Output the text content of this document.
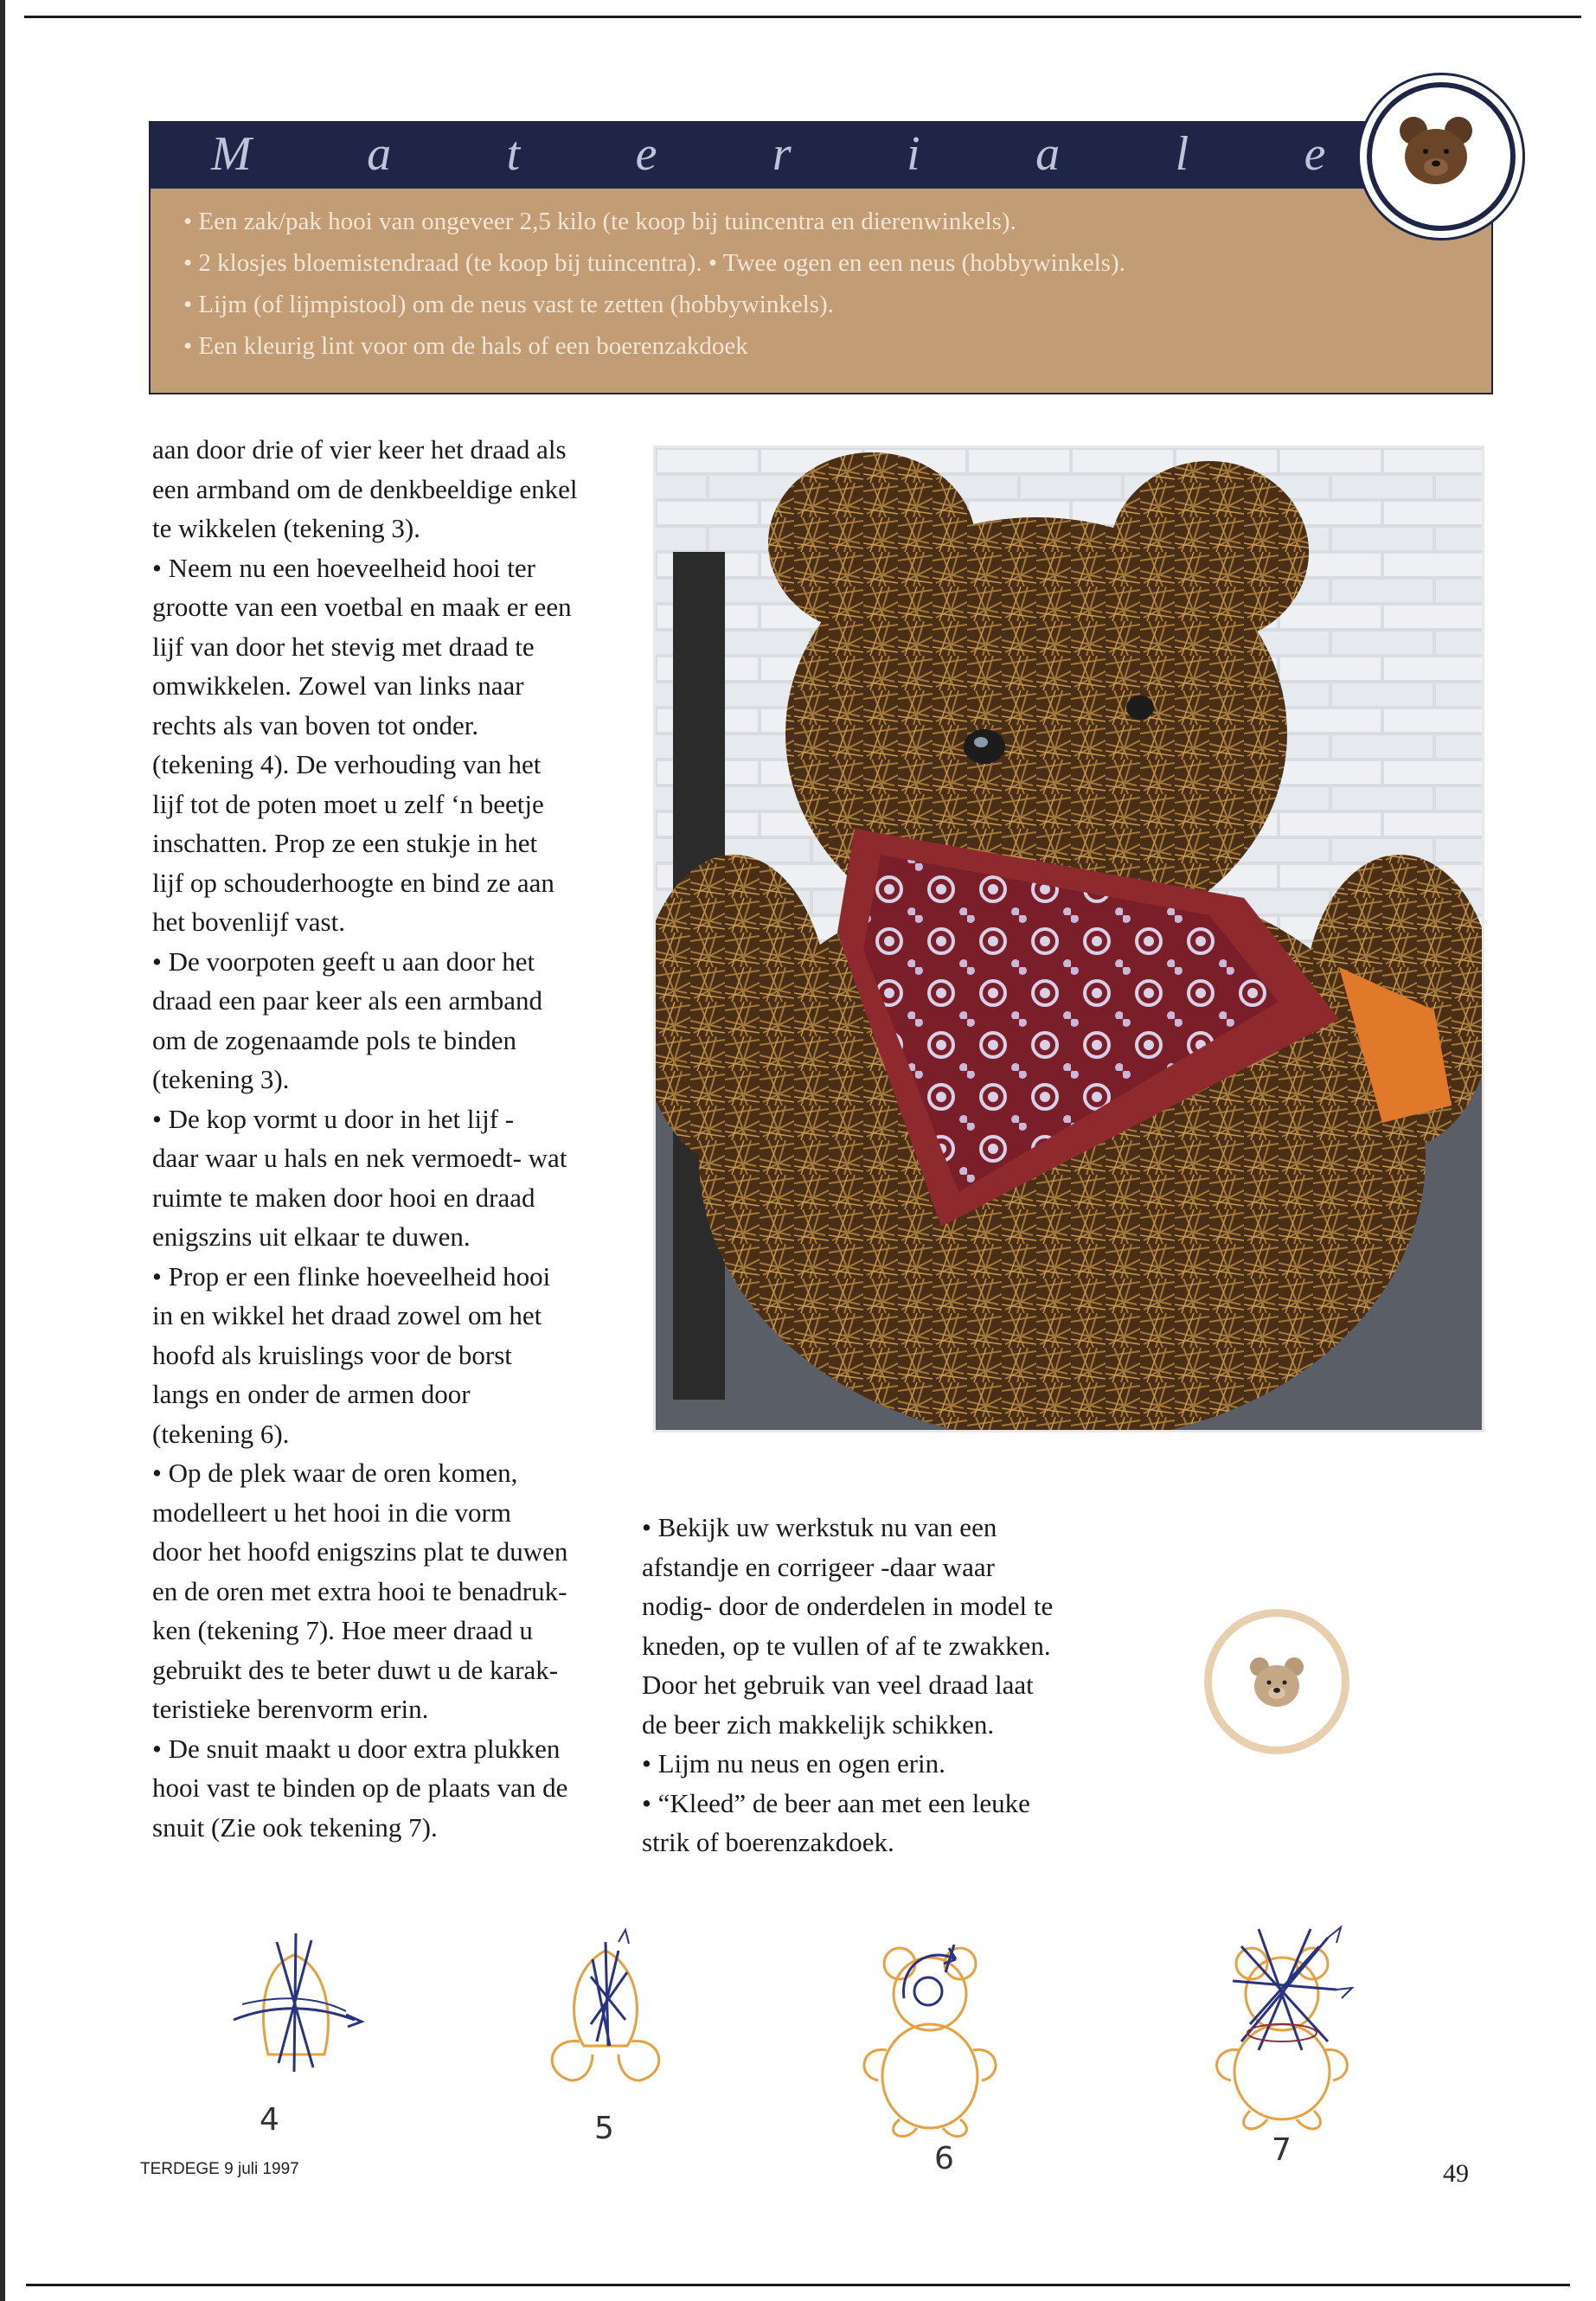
M a t e r i a l e
• Een zak/pak hooi van ongeveer 2,5 kilo (te koop bij tuincentra en dierenwinkels).
• 2 klosjes bloemistendraad (te koop bij tuincentra). • Twee ogen en een neus (hobbywinkels).
• Lijm (of lijmpistool) om de neus vast te zetten (hobbywinkels).
• Een kleurig lint voor om de hals of een boerenzakdoek

aan door drie of vier keer het draad als

een armband om de denkbeeldige enkel

te wikkelen (tekening 3).

• Neem nu een hoeveelheid hooi ter

grootte van een voetbal en maak er een

lijf van door het stevig met draad te

omwikkelen. Zowel van links naar

rechts als van boven tot onder.

(tekening 4). De verhouding van het

lijf tot de poten moet u zelf ‘n beetje

inschatten. Prop ze een stukje in het

lijf op schouderhoogte en bind ze aan

het bovenlijf vast.

• De voorpoten geeft u aan door het

draad een paar keer als een armband

om de zogenaamde pols te binden

(tekening 3).

• De kop vormt u door in het lijf -

daar waar u hals en nek vermoedt- wat

ruimte te maken door hooi en draad

enigszins uit elkaar te duwen.

• Prop er een flinke hoeveelheid hooi

in en wikkel het draad zowel om het

hoofd als kruislings voor de borst

langs en onder de armen door

(tekening 6).

• Op de plek waar de oren komen,

modelleert u het hooi in die vorm

door het hoofd enigszins plat te duwen

en de oren met extra hooi te benadruk-

ken (tekening 7). Hoe meer draad u

gebruikt des te beter duwt u de karak-

teristieke berenvorm erin.

• De snuit maakt u door extra plukken

hooi vast te binden op de plaats van de

snuit (Zie ook tekening 7).

• Bekijk uw werkstuk nu van een

afstandje en corrigeer -daar waar

nodig- door de onderdelen in model te

kneden, op te vullen of af te zwakken.

Door het gebruik van veel draad laat

de beer zich makkelijk schikken.

• Lijm nu neus en ogen erin.

• “Kleed” de beer aan met een leuke

strik of boerenzakdoek.

4	5
6	7
TERDEGE 9 juli 1997	49
